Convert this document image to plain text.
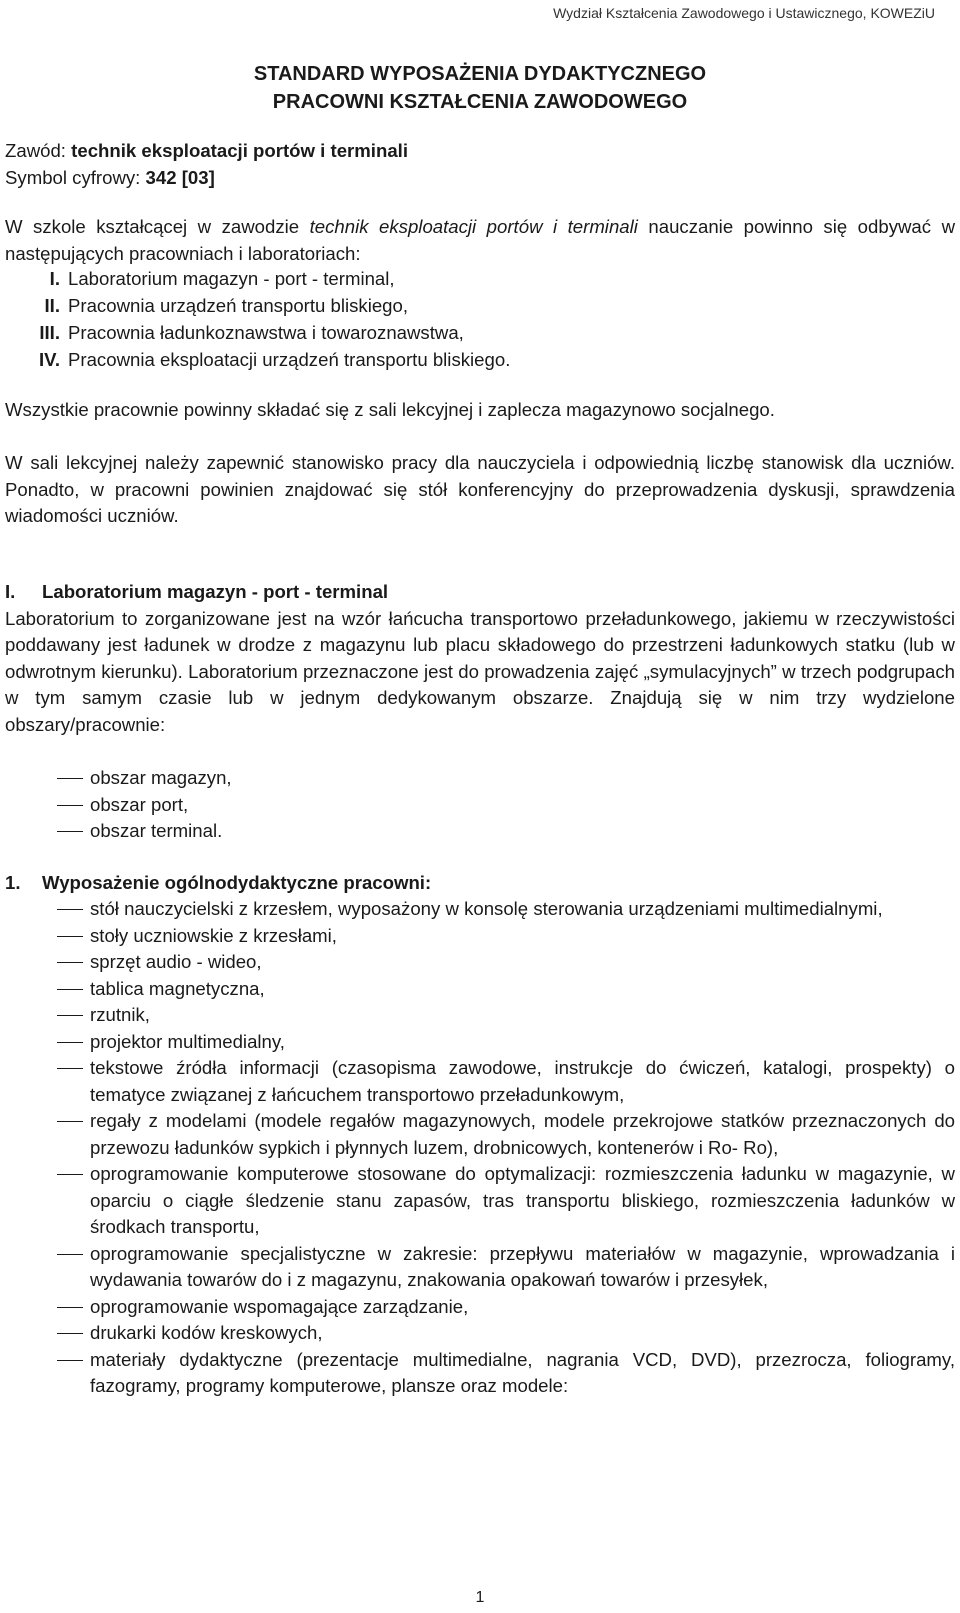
Wydział Kształcenia Zawodowego i Ustawicznego, KOWEZiU
STANDARD WYPOSAŻENIA DYDAKTYCZNEGO
PRACOWNI KSZTAŁCENIA ZAWODOWEGO
Zawód: technik eksploatacji portów i terminali
Symbol cyfrowy: 342 [03]
W szkole kształcącej w zawodzie technik eksploatacji portów i terminali nauczanie powinno się odbywać w następujących pracowniach i laboratoriach:
I. Laboratorium magazyn - port - terminal,
II. Pracownia urządzeń transportu bliskiego,
III. Pracownia ładunkoznawstwa i towaroznawstwa,
IV. Pracownia eksploatacji urządzeń transportu bliskiego.
Wszystkie pracownie powinny składać się z sali lekcyjnej i zaplecza magazynowo socjalnego.
W sali lekcyjnej należy zapewnić stanowisko pracy dla nauczyciela i odpowiednią liczbę stanowisk dla uczniów. Ponadto, w pracowni powinien znajdować się stół konferencyjny do przeprowadzenia dyskusji, sprawdzenia wiadomości uczniów.
I.	Laboratorium magazyn - port - terminal
Laboratorium to zorganizowane jest na wzór łańcucha transportowo przeładunkowego, jakiemu w rzeczywistości poddawany jest ładunek w drodze z magazynu lub placu składowego do przestrzeni ładunkowych statku (lub w odwrotnym kierunku). Laboratorium przeznaczone jest do prowadzenia zajęć „symulacyjnych” w trzech podgrupach w tym samym czasie lub w jednym dedykowanym obszarze. Znajdują się w nim trzy wydzielone obszary/pracownie:
obszar magazyn,
obszar port,
obszar terminal.
1.	Wyposażenie ogólnodydaktyczne pracowni:
stół nauczycielski z krzesłem, wyposażony w konsolę sterowania urządzeniami multimedialnymi,
stoły uczniowskie z krzesłami,
sprzęt audio - wideo,
tablica magnetyczna,
rzutnik,
projektor multimedialny,
tekstowe źródła informacji (czasopisma zawodowe, instrukcje do ćwiczeń, katalogi, prospekty) o tematyce związanej z łańcuchem transportowo przeładunkowym,
regały z modelami (modele regałów magazynowych, modele przekrojowe statków przeznaczonych do przewozu ładunków sypkich i płynnych luzem, drobnicowych, kontenerów i Ro- Ro),
oprogramowanie komputerowe stosowane do optymalizacji: rozmieszczenia ładunku w magazynie, w oparciu o ciągłe śledzenie stanu zapasów, tras transportu bliskiego, rozmieszczenia ładunków w środkach transportu,
oprogramowanie specjalistyczne w zakresie: przepływu materiałów w magazynie, wprowadzania i wydawania towarów do i z magazynu, znakowania opakowań towarów i przesyłek,
oprogramowanie wspomagające zarządzanie,
drukarki kodów kreskowych,
materiały dydaktyczne (prezentacje multimedialne, nagrania VCD, DVD), przezrocza, foliogramy, fazogramy, programy komputerowe, plansze oraz modele:
1
